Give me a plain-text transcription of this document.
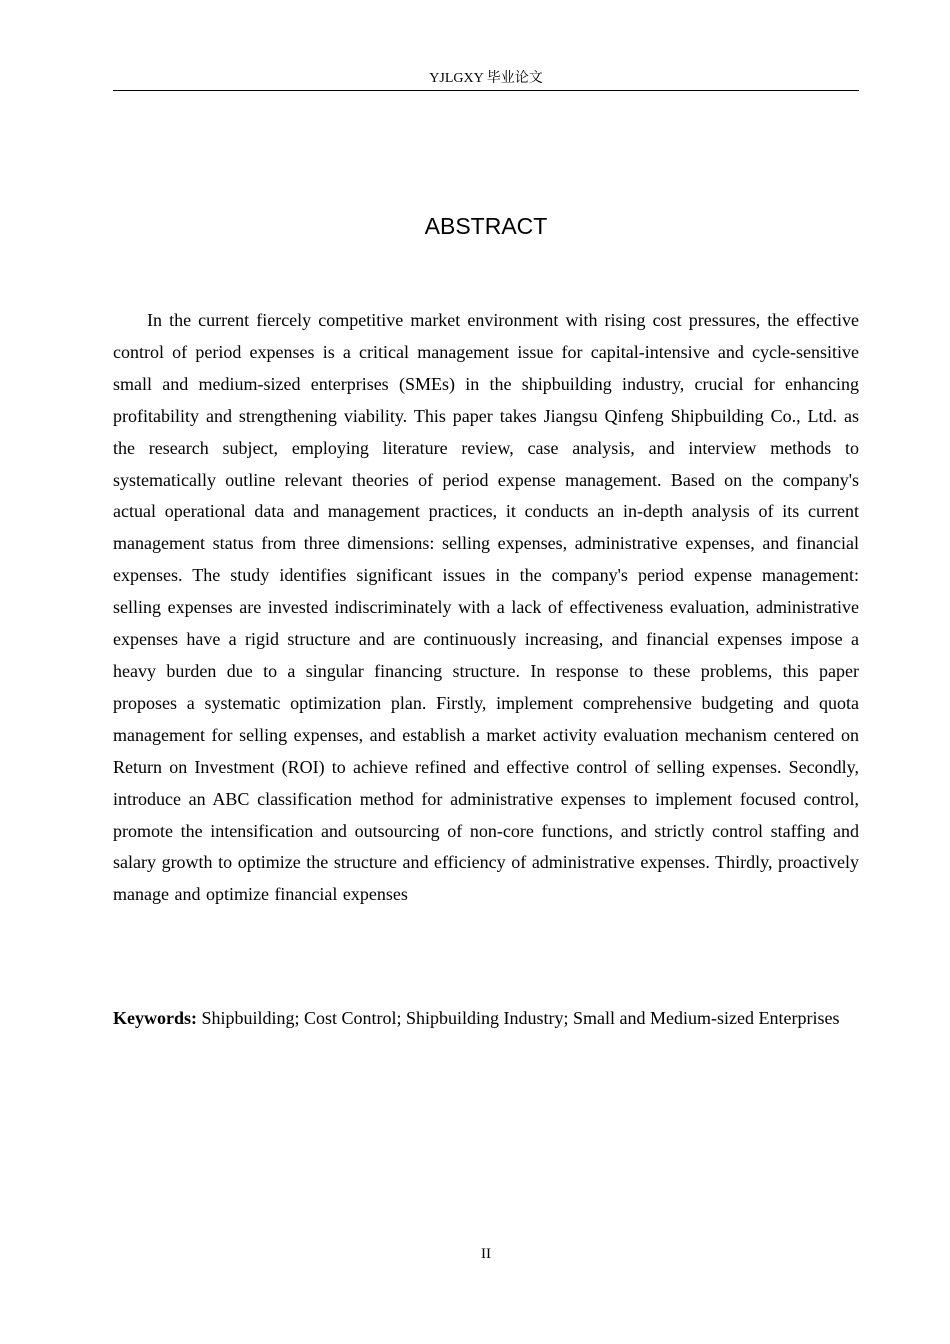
YJLGXY 毕业论文
ABSTRACT

In the current fiercely competitive market environment with rising cost pressures, the effective control of period expenses is a critical management issue for capital-intensive and cycle-sensitive small and medium-sized enterprises (SMEs) in the shipbuilding industry, crucial for enhancing profitability and strengthening viability. This paper takes Jiangsu Qinfeng Shipbuilding Co., Ltd. as the research subject, employing literature review, case analysis, and interview methods to systematically outline relevant theories of period expense management. Based on the company's actual operational data and management practices, it conducts an in-depth analysis of its current management status from three dimensions: selling expenses, administrative expenses, and financial expenses. The study identifies significant issues in the company's period expense management: selling expenses are invested indiscriminately with a lack of effectiveness evaluation, administrative expenses have a rigid structure and are continuously increasing, and financial expenses impose a heavy burden due to a singular financing structure. In response to these problems, this paper proposes a systematic optimization plan. Firstly, implement comprehensive budgeting and quota management for selling expenses, and establish a market activity evaluation mechanism centered on Return on Investment (ROI) to achieve refined and effective control of selling expenses. Secondly, introduce an ABC classification method for administrative expenses to implement focused control, promote the intensification and outsourcing of non-core functions, and strictly control staffing and salary growth to optimize the structure and efficiency of administrative expenses. Thirdly, proactively manage and optimize financial expenses

Keywords: Shipbuilding; Cost Control; Shipbuilding Industry; Small and Medium-sized Enterprises

II
